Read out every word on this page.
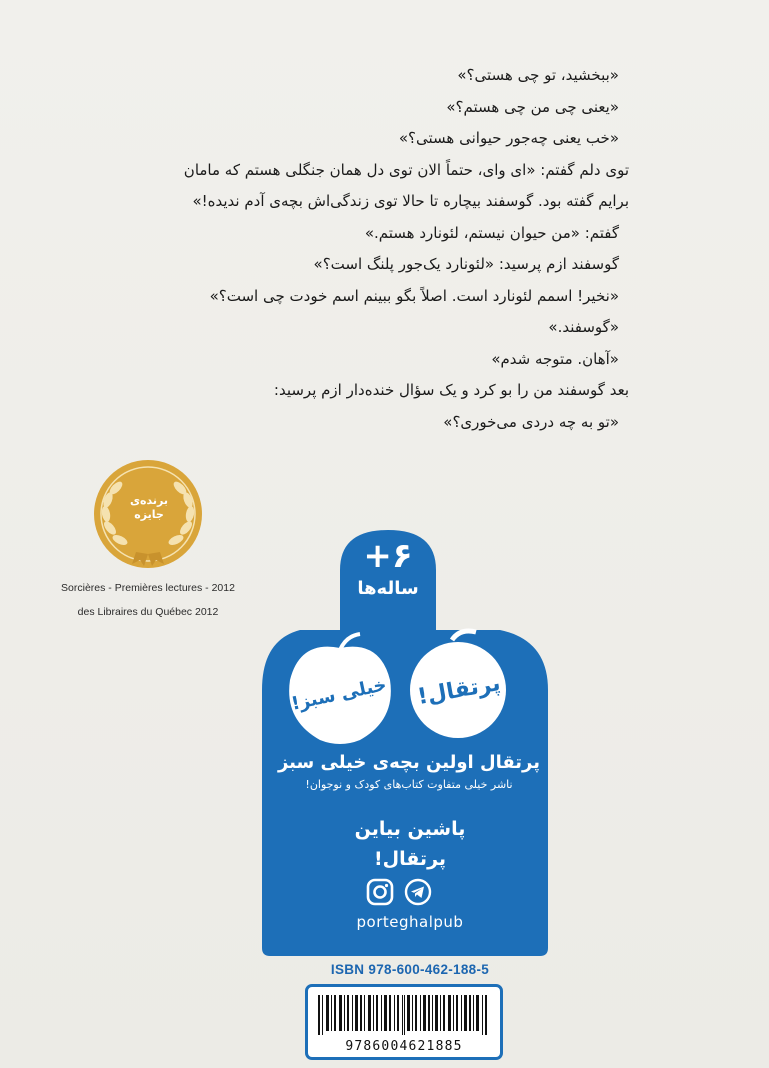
«ببخشید، تو چی هستی؟»

«یعنی چی من چی هستم؟»

«خب یعنی چه‌جور حیوانی هستی؟»

توی دلم گفتم: «ای وای، حتماً الان توی دل همان جنگلی هستم که مامان

برایم گفته بود. گوسفند بیچاره تا حالا توی زندگی‌اش بچه‌ی آدم ندیده!»

گفتم: «من حیوان نیستم، لئونارد هستم.»

گوسفند ازم پرسید: «لئونارد یک‌جور پلنگ است؟»

«نخیر! اسمم لئونارد است. اصلاً بگو ببینم اسم خودت چی است؟»

«گوسفند.»

«آهان. متوجه شدم»

بعد گوسفند من را بو کرد و یک سؤال خنده‌دار ازم پرسید:

«تو به چه دردی می‌خوری؟»

برنده‌ی جایزه
Sorcières - Premières lectures - 2012
des Libraires du Québec 2012
+۶
ساله‌ها
خیلی سبز!	پرتقال!
پرتقال اولین بچه‌ی خیلی سبز
ناشر خیلی متفاوت کتاب‌های کودک و نوجوان!
پاشین بیاین
پرتقال!
porteghalpub
ISBN 978-600-462-188-5
9786004621885
